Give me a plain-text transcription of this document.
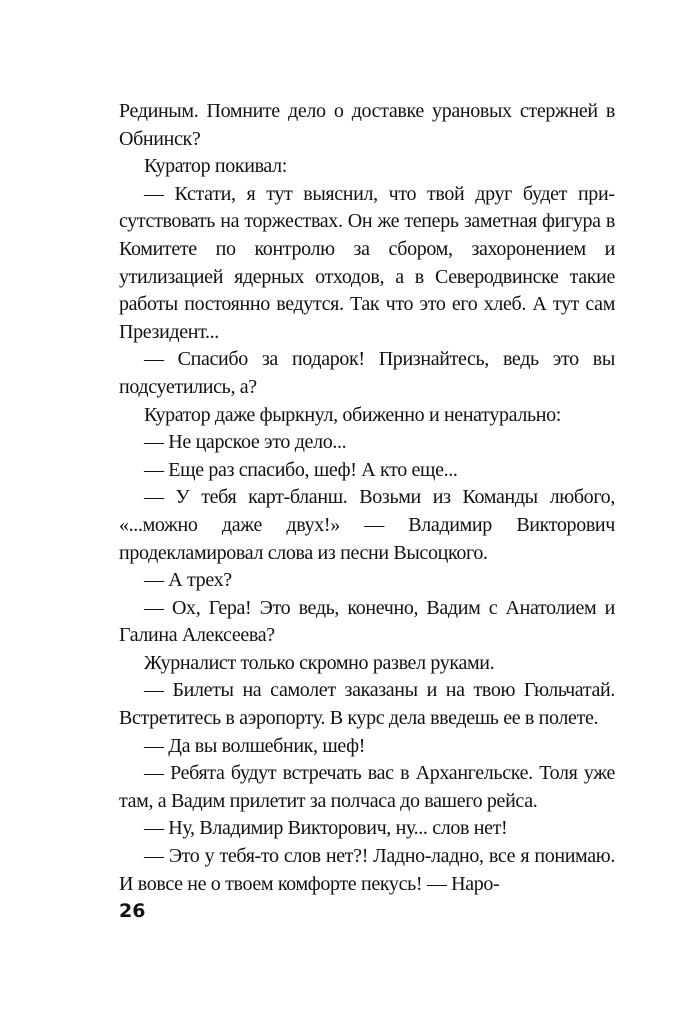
Рединым. Помните дело о доставке урановых стержней в Обнинск?

Куратор покивал:

— Кстати, я тут выяснил, что твой друг будет присутствовать на торжествах. Он же теперь заметная фигура в Комитете по контролю за сбором, захоронением и утилизацией ядерных отходов, а в Северодвинске такие работы постоянно ведутся. Так что это его хлеб. А тут сам Президент...

— Спасибо за подарок! Признайтесь, ведь это вы подсуетились, а?

Куратор даже фыркнул, обиженно и ненатурально:

— Не царское это дело...

— Еще раз спасибо, шеф! А кто еще...

— У тебя карт-бланш. Возьми из Команды любого, «...можно даже двух!» — Владимир Викторович продекламировал слова из песни Высоцкого.

— А трех?

— Ох, Гера! Это ведь, конечно, Вадим с Анатолием и Галина Алексеева?

Журналист только скромно развел руками.

— Билеты на самолет заказаны и на твою Гюльчатай. Встретитесь в аэропорту. В курс дела введешь ее в полете.

— Да вы волшебник, шеф!

— Ребята будут встречать вас в Архангельске. Толя уже там, а Вадим прилетит за полчаса до вашего рейса.

— Ну, Владимир Викторович, ну... слов нет!

— Это у тебя-то слов нет?! Ладно-ладно, все я понимаю. И вовсе не о твоем комфорте пекусь! — Наро-

26
